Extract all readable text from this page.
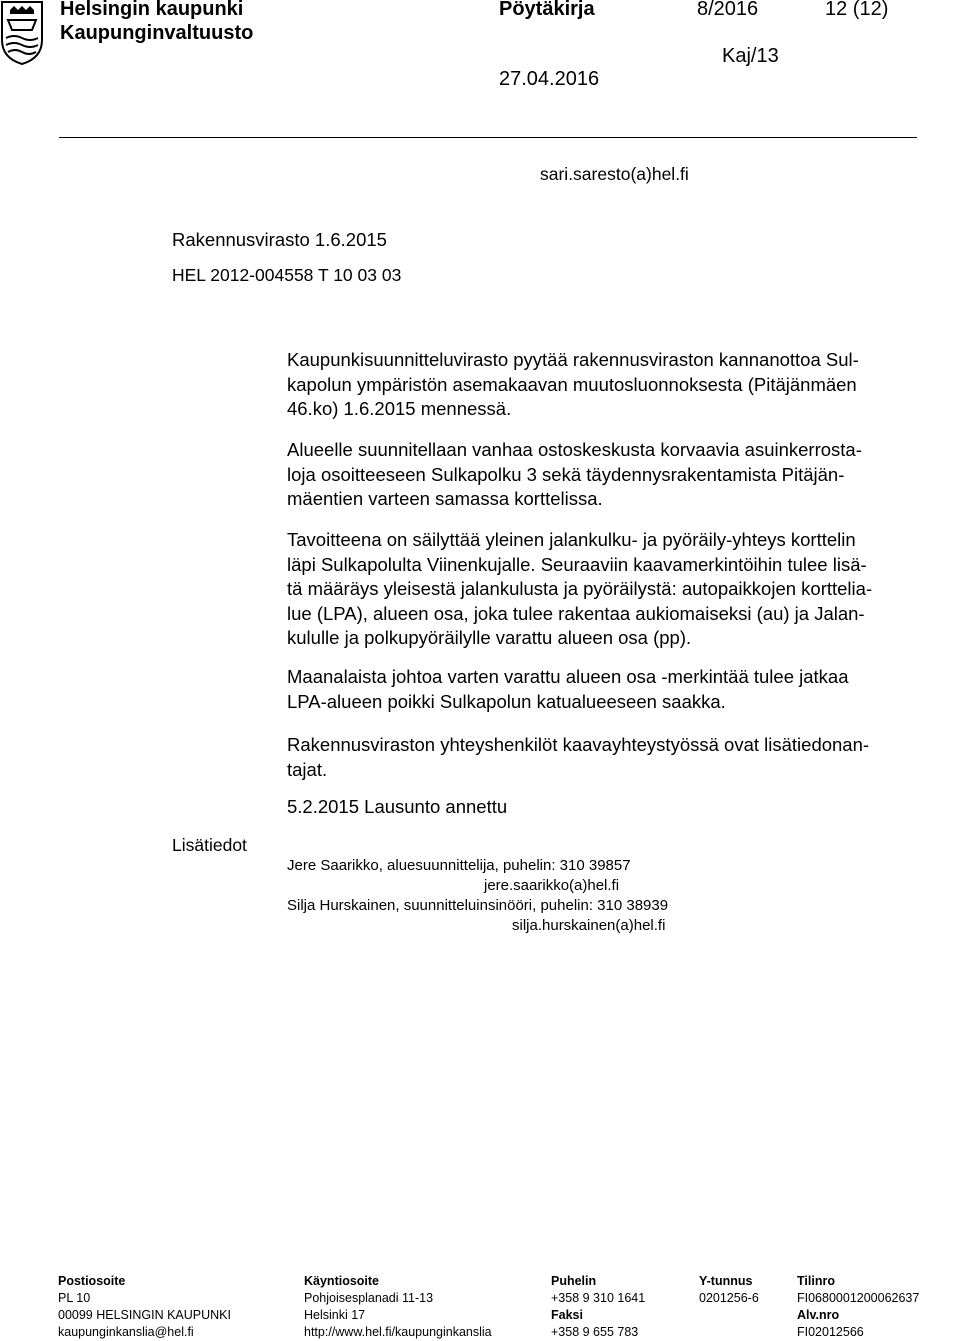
Helsingin kaupunki
Kaupunginvaltuusto
Pöytäkirja	8/2016	12 (12)
Kaj/13
27.04.2016
sari.saresto(a)hel.fi
Rakennusvirasto 1.6.2015
HEL 2012-004558 T 10 03 03

Kaupunkisuunnitteluvirasto pyytää rakennusviraston kannanottoa Sul-

kapolun ympäristön asemakaavan muutosluonnoksesta (Pitäjänmäen

46.ko) 1.6.2015 mennessä.

Alueelle suunnitellaan vanhaa ostoskeskusta korvaavia asuinkerrosta-

loja osoitteeseen Sulkapolku 3 sekä täydennysrakentamista Pitäjän-

mäentien varteen samassa korttelissa.

Tavoitteena on säilyttää yleinen jalankulku- ja pyöräily-yhteys korttelin

läpi Sulkapolulta Viinenkujalle. Seuraaviin kaavamerkintöihin tulee lisä-

tä määräys yleisestä jalankulusta ja pyöräilystä: autopaikkojen korttelia-

lue (LPA), alueen osa, joka tulee rakentaa aukiomaiseksi (au) ja Jalan-

kululle ja polkupyöräilylle varattu alueen osa (pp).

Maanalaista johtoa varten varattu alueen osa -merkintää tulee jatkaa

LPA-alueen poikki Sulkapolun katualueeseen saakka.

Rakennusviraston yhteyshenkilöt kaavayhteystyössä ovat lisätiedonan-

tajat.

5.2.2015 Lausunto annettu

Lisätiedot
Jere Saarikko, aluesuunnittelija, puhelin: 310 39857
jere.saarikko(a)hel.fi
Silja Hurskainen, suunnitteluinsinööri, puhelin: 310 38939
silja.hurskainen(a)hel.fi
Postiosoite
PL 10
00099 HELSINGIN KAUPUNKI
kaupunginkanslia@hel.fi
Käyntiosoite
Pohjoisesplanadi 11-13
Helsinki 17
http://www.hel.fi/kaupunginkanslia
Puhelin
+358 9 310 1641
Faksi
+358 9 655 783
Y-tunnus
0201256-6
Tilinro
FI0680001200062637
Alv.nro
FI02012566
